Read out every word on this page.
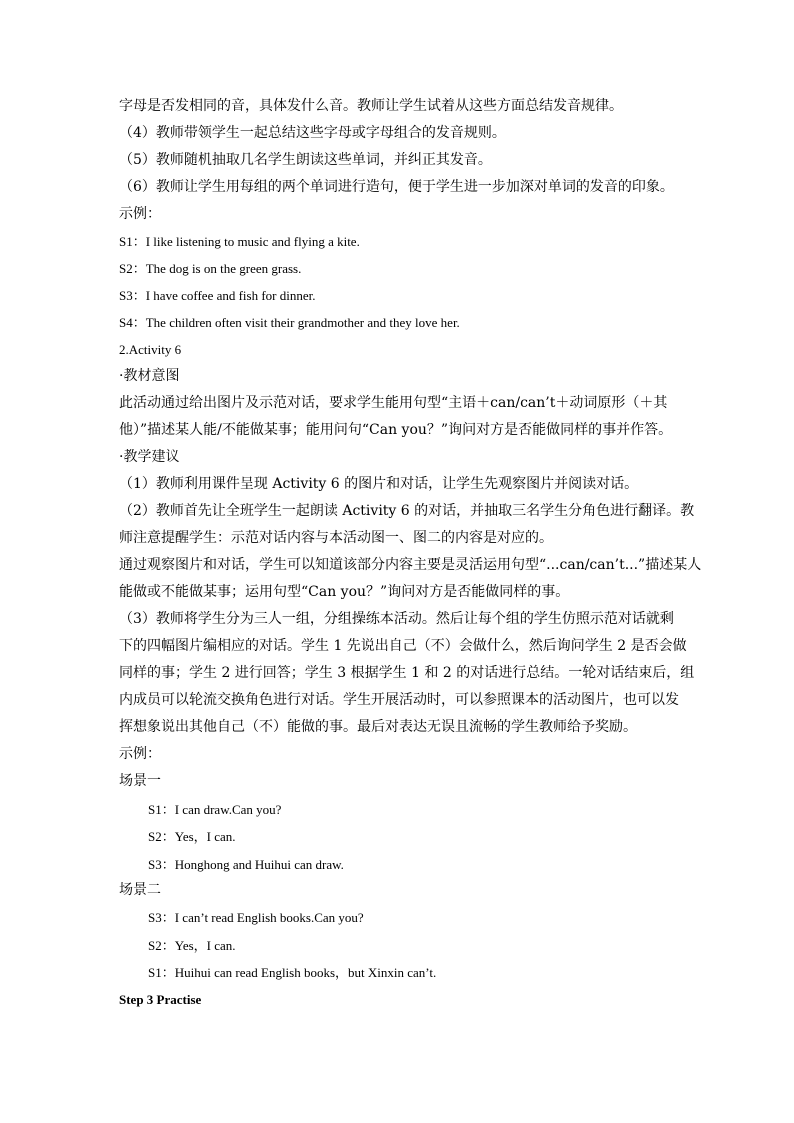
字母是否发相同的音，具体发什么音。教师让学生试着从这些方面总结发音规律。
（4）教师带领学生一起总结这些字母或字母组合的发音规则。
（5）教师随机抽取几名学生朗读这些单词，并纠正其发音。
（6）教师让学生用每组的两个单词进行造句，便于学生进一步加深对单词的发音的印象。
示例：
S1：I like listening to music and flying a kite.
S2：The dog is on the green grass.
S3：I have coffee and fish for dinner.
S4：The children often visit their grandmother and they love her.
2.Activity 6
·教材意图
此活动通过给出图片及示范对话，要求学生能用句型“主语＋can/can’t＋动词原形（＋其
他）”描述某人能/不能做某事；能用问句“Can you？”询问对方是否能做同样的事并作答。
·教学建议
（1）教师利用课件呈现 Activity 6 的图片和对话，让学生先观察图片并阅读对话。
（2）教师首先让全班学生一起朗读 Activity 6 的对话，并抽取三名学生分角色进行翻译。教
师注意提醒学生：示范对话内容与本活动图一、图二的内容是对应的。
通过观察图片和对话，学生可以知道该部分内容主要是灵活运用句型“...can/can’t...”描述某人
能做或不能做某事；运用句型“Can you？”询问对方是否能做同样的事。
（3）教师将学生分为三人一组，分组操练本活动。然后让每个组的学生仿照示范对话就剩
下的四幅图片编相应的对话。学生 1 先说出自己（不）会做什么，然后询问学生 2 是否会做
同样的事；学生 2 进行回答；学生 3 根据学生 1 和 2 的对话进行总结。一轮对话结束后，组
内成员可以轮流交换角色进行对话。学生开展活动时，可以参照课本的活动图片，也可以发
挥想象说出其他自己（不）能做的事。最后对表达无误且流畅的学生教师给予奖励。
示例：
场景一
S1：I can draw.Can you?
S2：Yes，I can.
S3：Honghong and Huihui can draw.
场景二
S3：I can’t read English books.Can you?
S2：Yes，I can.
S1：Huihui can read English books，but Xinxin can’t.
Step 3 Practise
